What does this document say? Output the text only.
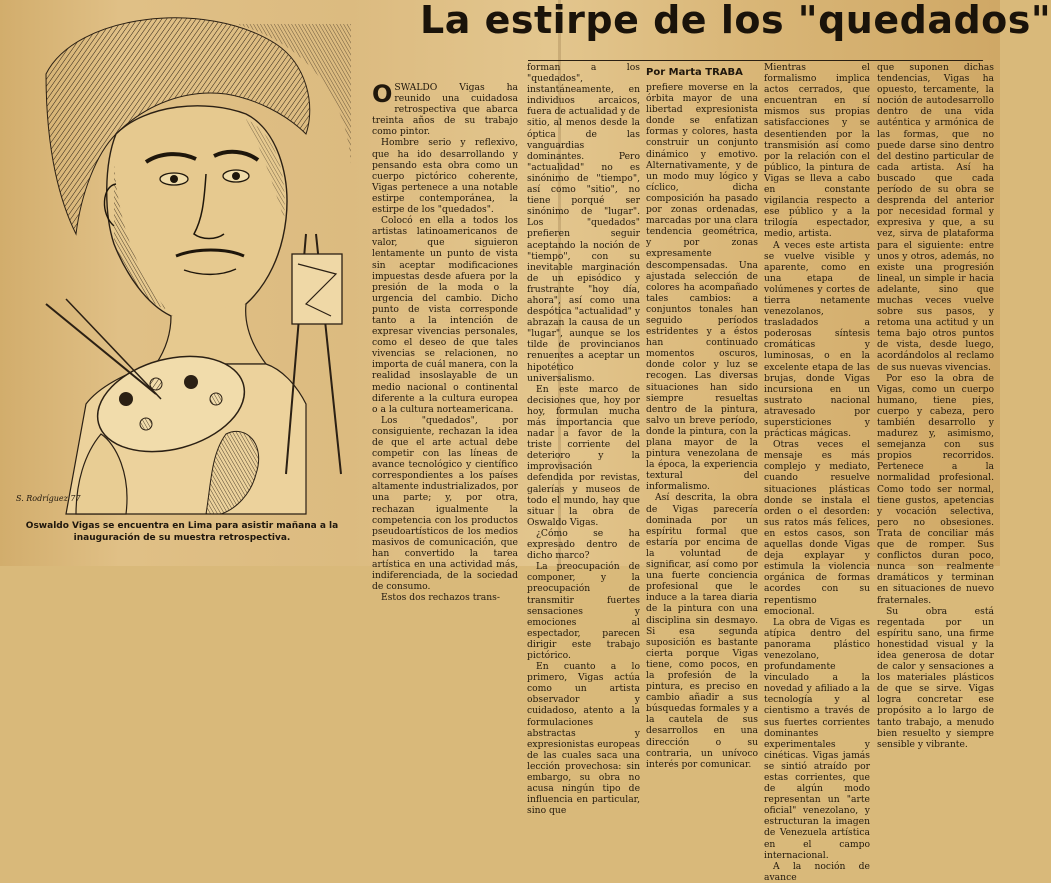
S. Rodríguez 77
Oswaldo Vigas se encuentra en Lima para asistir mañana a la inauguración de su muestra retrospectiva.
La estirpe de los "quedados"
Por Marta TRABA

OSWALDO Vigas ha reunido una cuidadosa retrospectiva que abarca treinta años de su trabajo como pintor.

Hombre serio y reflexivo, que ha ido desarrollando y pensando esta obra como un cuerpo pictórico coherente, Vigas pertenece a una notable estirpe contemporánea, la estirpe de los "quedados".

Colocó en ella a todos los artistas latinoamericanos de valor, que siguieron lentamente un punto de vista sin aceptar modificaciones impuestas desde afuera por la presión de la moda o la urgencia del cambio. Dicho punto de vista corresponde tanto a la intención de expresar vivencias personales, como el deseo de que tales vivencias se relacionen, no importa de cuál manera, con la realidad insoslayable de un medio nacional o continental diferente a la cultura europea o a la cultura norteamericana.

Los "quedados", por consiguiente, rechazan la idea de que el arte actual debe competir con las líneas de avance tecnológico y científico correspondientes a los países altamente industrializados, por una parte; y, por otra, rechazan igualmente la competencia con los productos pseudoartísticos de los medios masivos de comunicación, que han convertido la tarea artística en una actividad más, indiferenciada, de la sociedad de consumo.

Estos dos rechazos trans-

forman a los "quedados", instantáneamente, en individuos arcaicos, fuera de actualidad y de sitio, al menos desde la óptica de las vanguardias dominantes. Pero "actualidad" no es sinónimo de "tiempo", así como "sitio", no tiene porqué ser sinónimo de "lugar". Los "quedados" prefieren seguir aceptando la noción de "tiempo", con su inevitable marginación de un episódico y frustrante "hoy día, ahora", así como una despótica "actualidad" y abrazan la causa de un "lugar", aunque se los tilde de provincianos renuentes a aceptar un hipotético universalismo.

En este marco de decisiones que, hoy por hoy, formulan mucha más importancia que nadar a favor de la triste corriente del deterioro y la improvisación defendida por revistas, galerías y museos de todo el mundo, hay que situar la obra de Oswaldo Vigas.

¿Cómo se ha expresado dentro de dicho marco?

La preocupación de componer, y la preocupación de transmitir fuertes sensaciones y emociones al espectador, parecen dirigir este trabajo pictórico.

En cuanto a lo primero, Vigas actúa como un artista observador y cuidadoso, atento a la formulaciones abstractas y expresionistas europeas de las cuales saca una lección provechosa: sin embargo, su obra no acusa ningún tipo de influencia en particular, sino que

prefiere moverse en la órbita mayor de una libertad expresionista donde se enfatizan formas y colores, hasta construir un conjunto dinámico y emotivo. Alternativamente, y de un modo muy lógico y cíclico, dicha composición ha pasado por zonas ordenadas, marcadas por una clara tendencia geométrica, y por zonas expresamente descompensadas. Una ajustada selección de colores ha acompañado tales cambios: a conjuntos tonales han seguido períodos estridentes y a éstos han continuado momentos oscuros, donde color y luz se recogen. Las diversas situaciones han sido siempre resueltas dentro de la pintura, salvo un breve período, donde la pintura, con la plana mayor de la pintura venezolana de la época, la experiencia textural del informalismo.

Así descrita, la obra de Vigas parecería dominada por un espíritu formal que estaría por encima de la voluntad de significar, así como por una fuerte conciencia profesional que le induce a la tarea diaria de la pintura con una disciplina sin desmayo. Si esa segunda suposición es bastante cierta porque Vigas tiene, como pocos, en la profesión de la pintura, es preciso en cambio añadir a sus búsquedas formales y a la cautela de sus desarrollos en una dirección o su contraria, un unívoco interés por comunicar.

Mientras el formalismo implica actos cerrados, que encuentran en sí mismos sus propias satisfacciones y se desentienden por la transmisión así como por la relación con el público, la pintura de Vigas se lleva a cabo en constante vigilancia respecto a ese público y a la trilogía espectador, medio, artista.

A veces este artista se vuelve visible y aparente, como en una etapa de volúmenes y cortes de tierra netamente venezolanos, trasladados a poderosas síntesis cromáticas y luminosas, o en la excelente etapa de las brujas, donde Vigas incursiona en un sustrato nacional atravesado por supersticiones y prácticas mágicas.

Otras veces el mensaje es más complejo y mediato, cuando resuelve situaciones plásticas donde se instala el orden o el desorden: sus ratos más felices, en estos casos, son aquellas donde Vigas deja explayar y estimula la violencia orgánica de formas acordes con su repentismo emocional.

La obra de Vigas es atípica dentro del panorama plástico venezolano, profundamente vinculado a la novedad y afiliado a la tecnología y al cientismo a través de sus fuertes corrientes dominantes experimentales y cinéticas. Vigas jamás se sintió atraído por estas corrientes, que de algún modo representan un "arte oficial" venezolano, y estructuran la imagen de Venezuela artística en el campo internacional.

A la noción de avance

que suponen dichas tendencias, Vigas ha opuesto, tercamente, la noción de autodesarrollo dentro de una vida auténtica y armónica de las formas, que no puede darse sino dentro del destino particular de cada artista. Así ha buscado que cada período de su obra se desprenda del anterior por necesidad formal y expresiva y que, a su vez, sirva de plataforma para el siguiente: entre unos y otros, además, no existe una progresión lineal, un simple ir hacia adelante, sino que muchas veces vuelve sobre sus pasos, y retoma una actitud y un tema bajo otros puntos de vista, desde luego, acordándolos al reclamo de sus nuevas vivencias.

Por eso la obra de Vigas, como un cuerpo humano, tiene pies, cuerpo y cabeza, pero también desarrollo y madurez y, asimismo, semejanza con sus propios recorridos. Pertenece a la normalidad profesional. Como todo ser normal, tiene gustos, apetencias y vocación selectiva, pero no obsesiones. Trata de conciliar más que de romper. Sus conflictos duran poco, nunca son realmente dramáticos y terminan en situaciones de nuevo fraternales.

Su obra está regentada por un espíritu sano, una firme honestidad visual y la idea generosa de dotar de calor y sensaciones a los materiales plásticos de que se sirve. Vigas logra concretar ese propósito a lo largo de tanto trabajo, a menudo bien resuelto y siempre sensible y vibrante.
